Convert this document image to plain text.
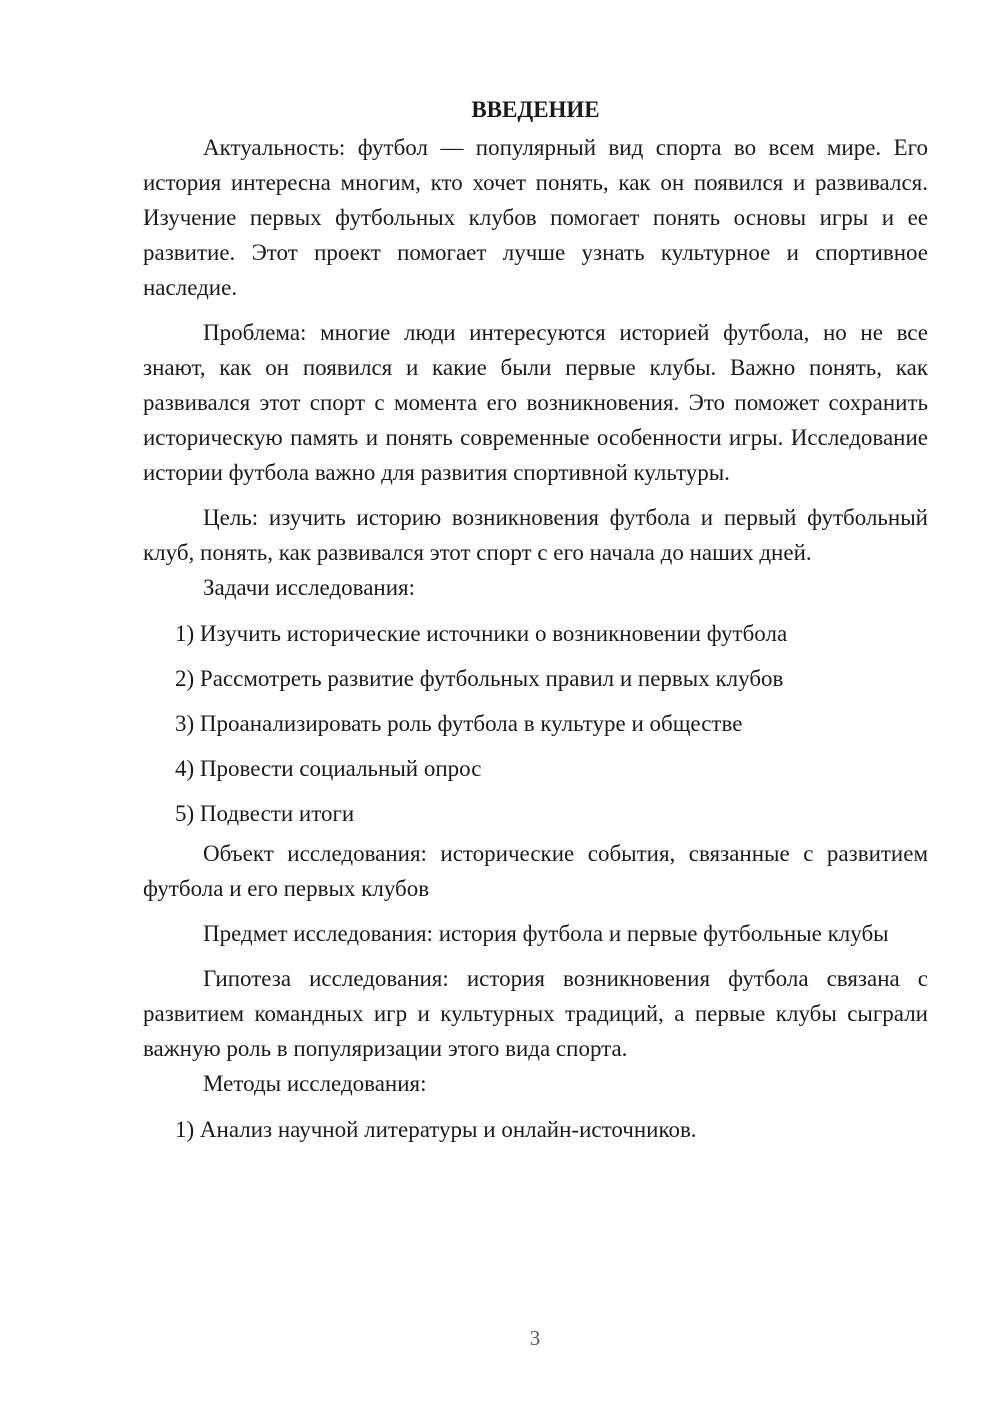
ВВЕДЕНИЕ

Актуальность: футбол — популярный вид спорта во всем мире. Его история интересна многим, кто хочет понять, как он появился и развивался. Изучение первых футбольных клубов помогает понять основы игры и ее развитие. Этот проект помогает лучше узнать культурное и спортивное наследие.

Проблема: многие люди интересуются историей футбола, но не все знают, как он появился и какие были первые клубы. Важно понять, как развивался этот спорт с момента его возникновения. Это поможет сохранить историческую память и понять современные особенности игры. Исследование истории футбола важно для развития спортивной культуры.

Цель: изучить историю возникновения футбола и первый футбольный клуб, понять, как развивался этот спорт с его начала до наших дней.

Задачи исследования:

1) Изучить исторические источники о возникновении футбола

2) Рассмотреть развитие футбольных правил и первых клубов

3) Проанализировать роль футбола в культуре и обществе

4) Провести социальный опрос

5) Подвести итоги

Объект исследования: исторические события, связанные с развитием футбола и его первых клубов

Предмет исследования: история футбола и первые футбольные клубы

Гипотеза исследования: история возникновения футбола связана с развитием командных игр и культурных традиций, а первые клубы сыграли важную роль в популяризации этого вида спорта.

Методы исследования:

1) Анализ научной литературы и онлайн-источников.

3
